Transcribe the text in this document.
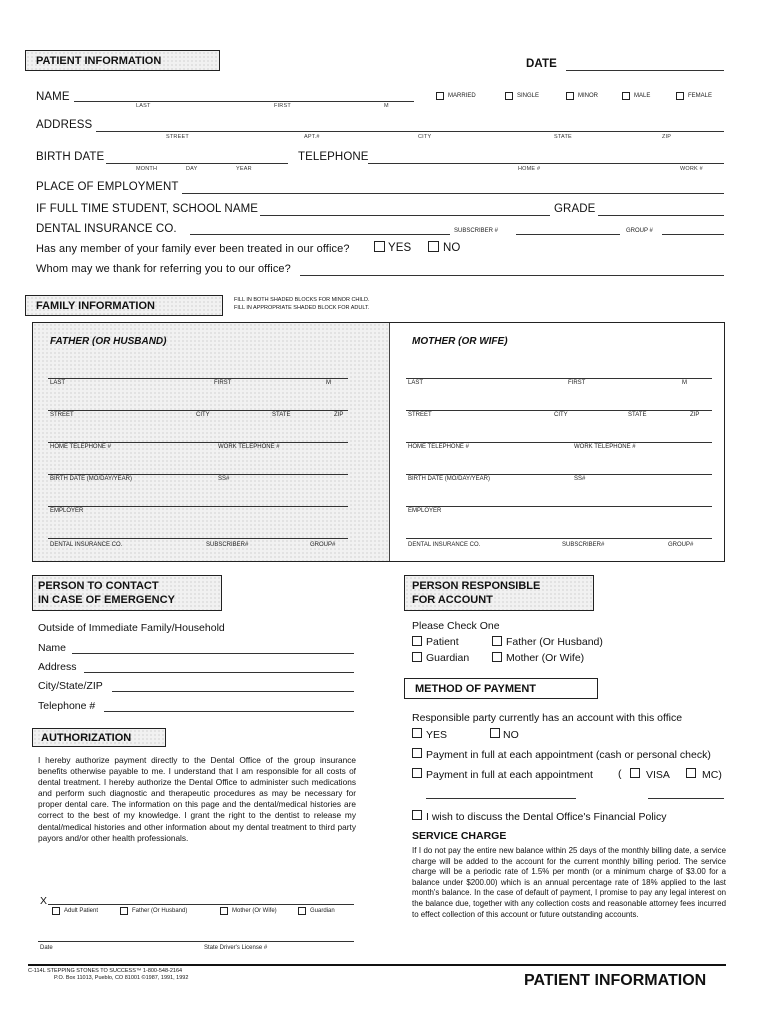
PATIENT INFORMATION	DATE
NAME
LAST	FIRST	M
MARRIED	SINGLE	MINOR	MALE	FEMALE
ADDRESS
STREET	APT.#	CITY	STATE	ZIP
BIRTH DATE
MONTH	DAY	YEAR
TELEPHONE
HOME #	WORK #
PLACE OF EMPLOYMENT
IF FULL TIME STUDENT, SCHOOL NAME	GRADE
DENTAL INSURANCE CO.	SUBSCRIBER #	GROUP #
Has any member of your family ever been treated in our office?	YES	NO
Whom may we thank for referring you to our office?
FAMILY INFORMATION	FILL IN BOTH SHADED BLOCKS FOR MINOR CHILD.
FILL IN APPROPRIATE SHADED BLOCK FOR ADULT.
FATHER (OR HUSBAND)	MOTHER (OR WIFE)
LAST	FIRST	M
STREET	CITY	STATE	ZIP
HOME TELEPHONE #	WORK TELEPHONE #
BIRTH DATE (MO/DAY/YEAR)	SS#
EMPLOYER
DENTAL INSURANCE CO.	SUBSCRIBER#	GROUP#
LAST	FIRST	M
STREET	CITY	STATE	ZIP
HOME TELEPHONE #	WORK TELEPHONE #
BIRTH DATE (MO/DAY/YEAR)	SS#
EMPLOYER
DENTAL INSURANCE CO.	SUBSCRIBER#	GROUP#
PERSON TO CONTACT
IN CASE OF EMERGENCY
Outside of Immediate Family/Household
Name
Address
City/State/ZIP
Telephone #
AUTHORIZATION
I hereby authorize payment directly to the Dental Office of the group insurance benefits otherwise payable to me. I understand that I am responsible for all costs of dental treatment. I hereby authorize the Dental Office to administer such medications and perform such diagnostic and therapeutic procedures as may be necessary for proper dental care. The information on this page and the dental/medical histories are correct to the best of my knowledge. I grant the right to the dentist to release my dental/medical histories and other information about my dental treatment to third party payors and/or other health professionals.
X
Adult Patient	Father (Or Husband)	Mother (Or Wife)	Guardian
Date	State Driver's License #
PERSON RESPONSIBLE
FOR ACCOUNT
Please Check One
Patient	Father (Or Husband)
Guardian	Mother (Or Wife)
METHOD OF PAYMENT
Responsible party currently has an account with this office
YES	NO
Payment in full at each appointment (cash or personal check)
Payment in full at each appointment ( VISA	MC)
I wish to discuss the Dental Office's Financial Policy
SERVICE CHARGE
If I do not pay the entire new balance within 25 days of the monthly billing date, a service charge will be added to the account for the current monthly billing period. The service charge will be a periodic rate of 1.5% per month (or a minimum charge of $3.00 for a balance under $200.00) which is an annual percentage rate of 18% applied to the last month's balance. In the case of default of payment, I promise to pay any legal interest on the balance due, together with any collection costs and reasonable attorney fees incurred to effect collection of this account or future outstanding accounts.
C-114L STEPPING STONES TO SUCCESS™ 1-800-548-2164
P.O. Box 11013, Pueblo, CO 81001 ©1987, 1991, 1992	PATIENT INFORMATION
